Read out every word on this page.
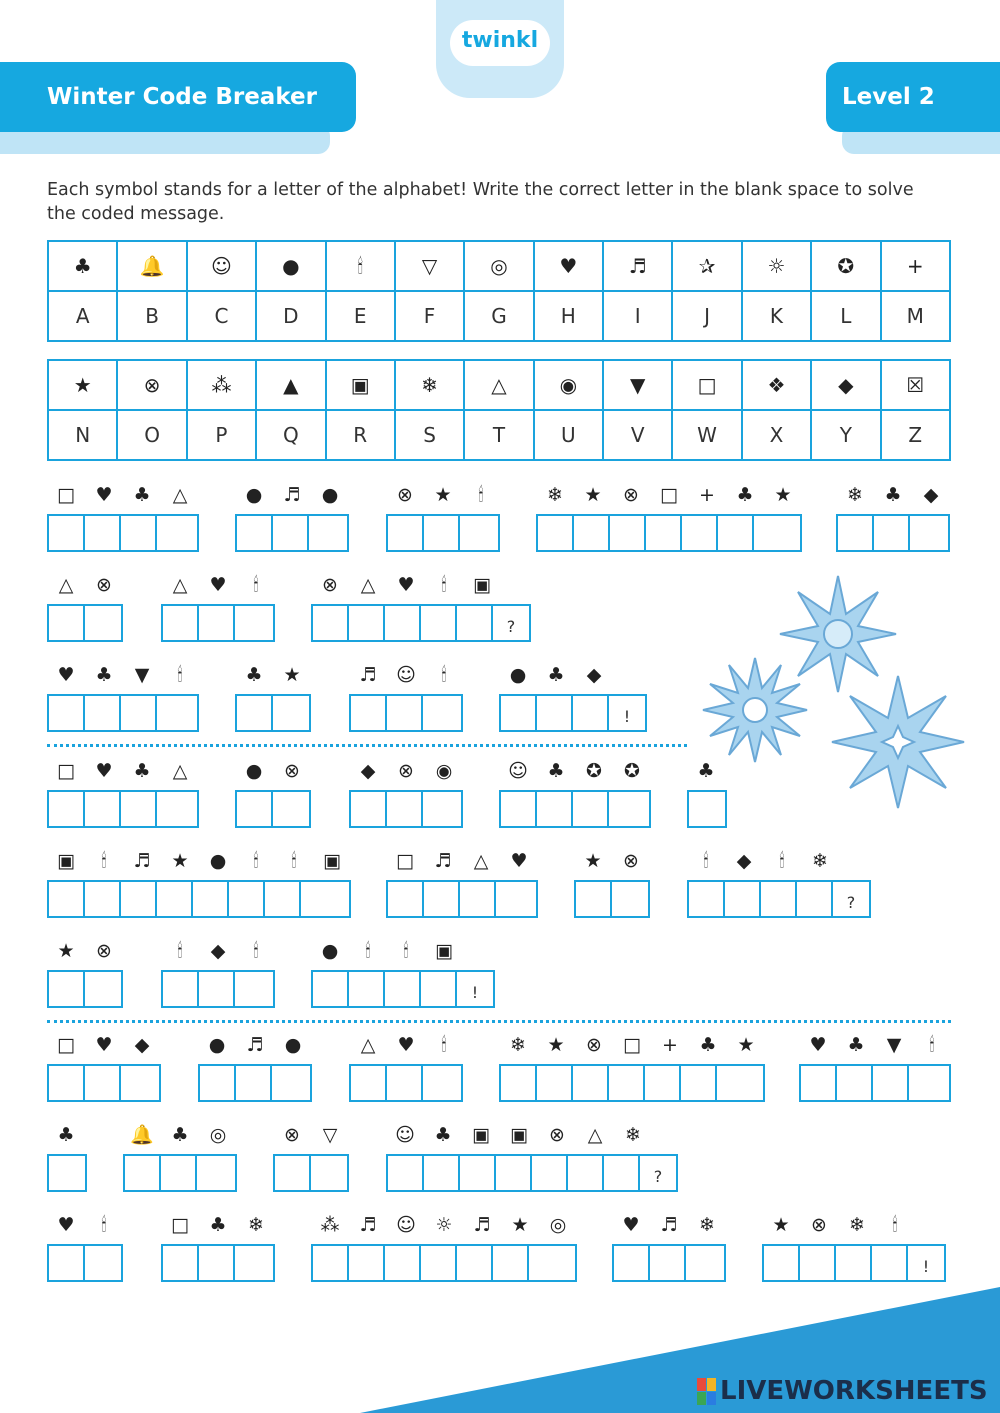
Winter Code Breaker	Level 2
twinkl
Each symbol stands for a letter of the alphabet! Write the correct letter in the blank space to solve the coded message.
♣	🔔	☺	●	🕯	▽	◎	♥	♬	✰	☼	✪	+
A	B	C	D	E	F	G	H	I	J	K	L	M
★	⊗	⁂	▲	▣	❄	△	◉	▼	□	❖	◆	☒
N	O	P	Q	R	S	T	U	V	W	X	Y	Z
□	♥	♣	△	●	♬	●	⊗	★	🕯	❄	★	⊗	□	+	♣	★	❄	♣	◆
△	⊗	△	♥	🕯	⊗	△	♥	🕯	▣
?
♥	♣	▼	🕯	♣	★	♬	☺	🕯	●	♣	◆
!
□	♥	♣	△	●	⊗	◆	⊗	◉	☺	♣	✪	✪	♣
▣	🕯	♬	★	●	🕯	🕯	▣	□	♬	△	♥	★	⊗	🕯	◆	🕯	❄
?
★	⊗	🕯	◆	🕯	●	🕯	🕯	▣
!
□	♥	◆	●	♬	●	△	♥	🕯	❄	★	⊗	□	+	♣	★	♥	♣	▼	🕯
♣	🔔 ♣	◎	⊗	▽	☺	♣	▣	▣	⊗	△	❄
?
♥	🕯	□	♣	❄	⁂	♬	☺	☼	♬	★	◎	♥	♬	❄	★	⊗	❄	🕯
!
LIVEWORKSHEETS
